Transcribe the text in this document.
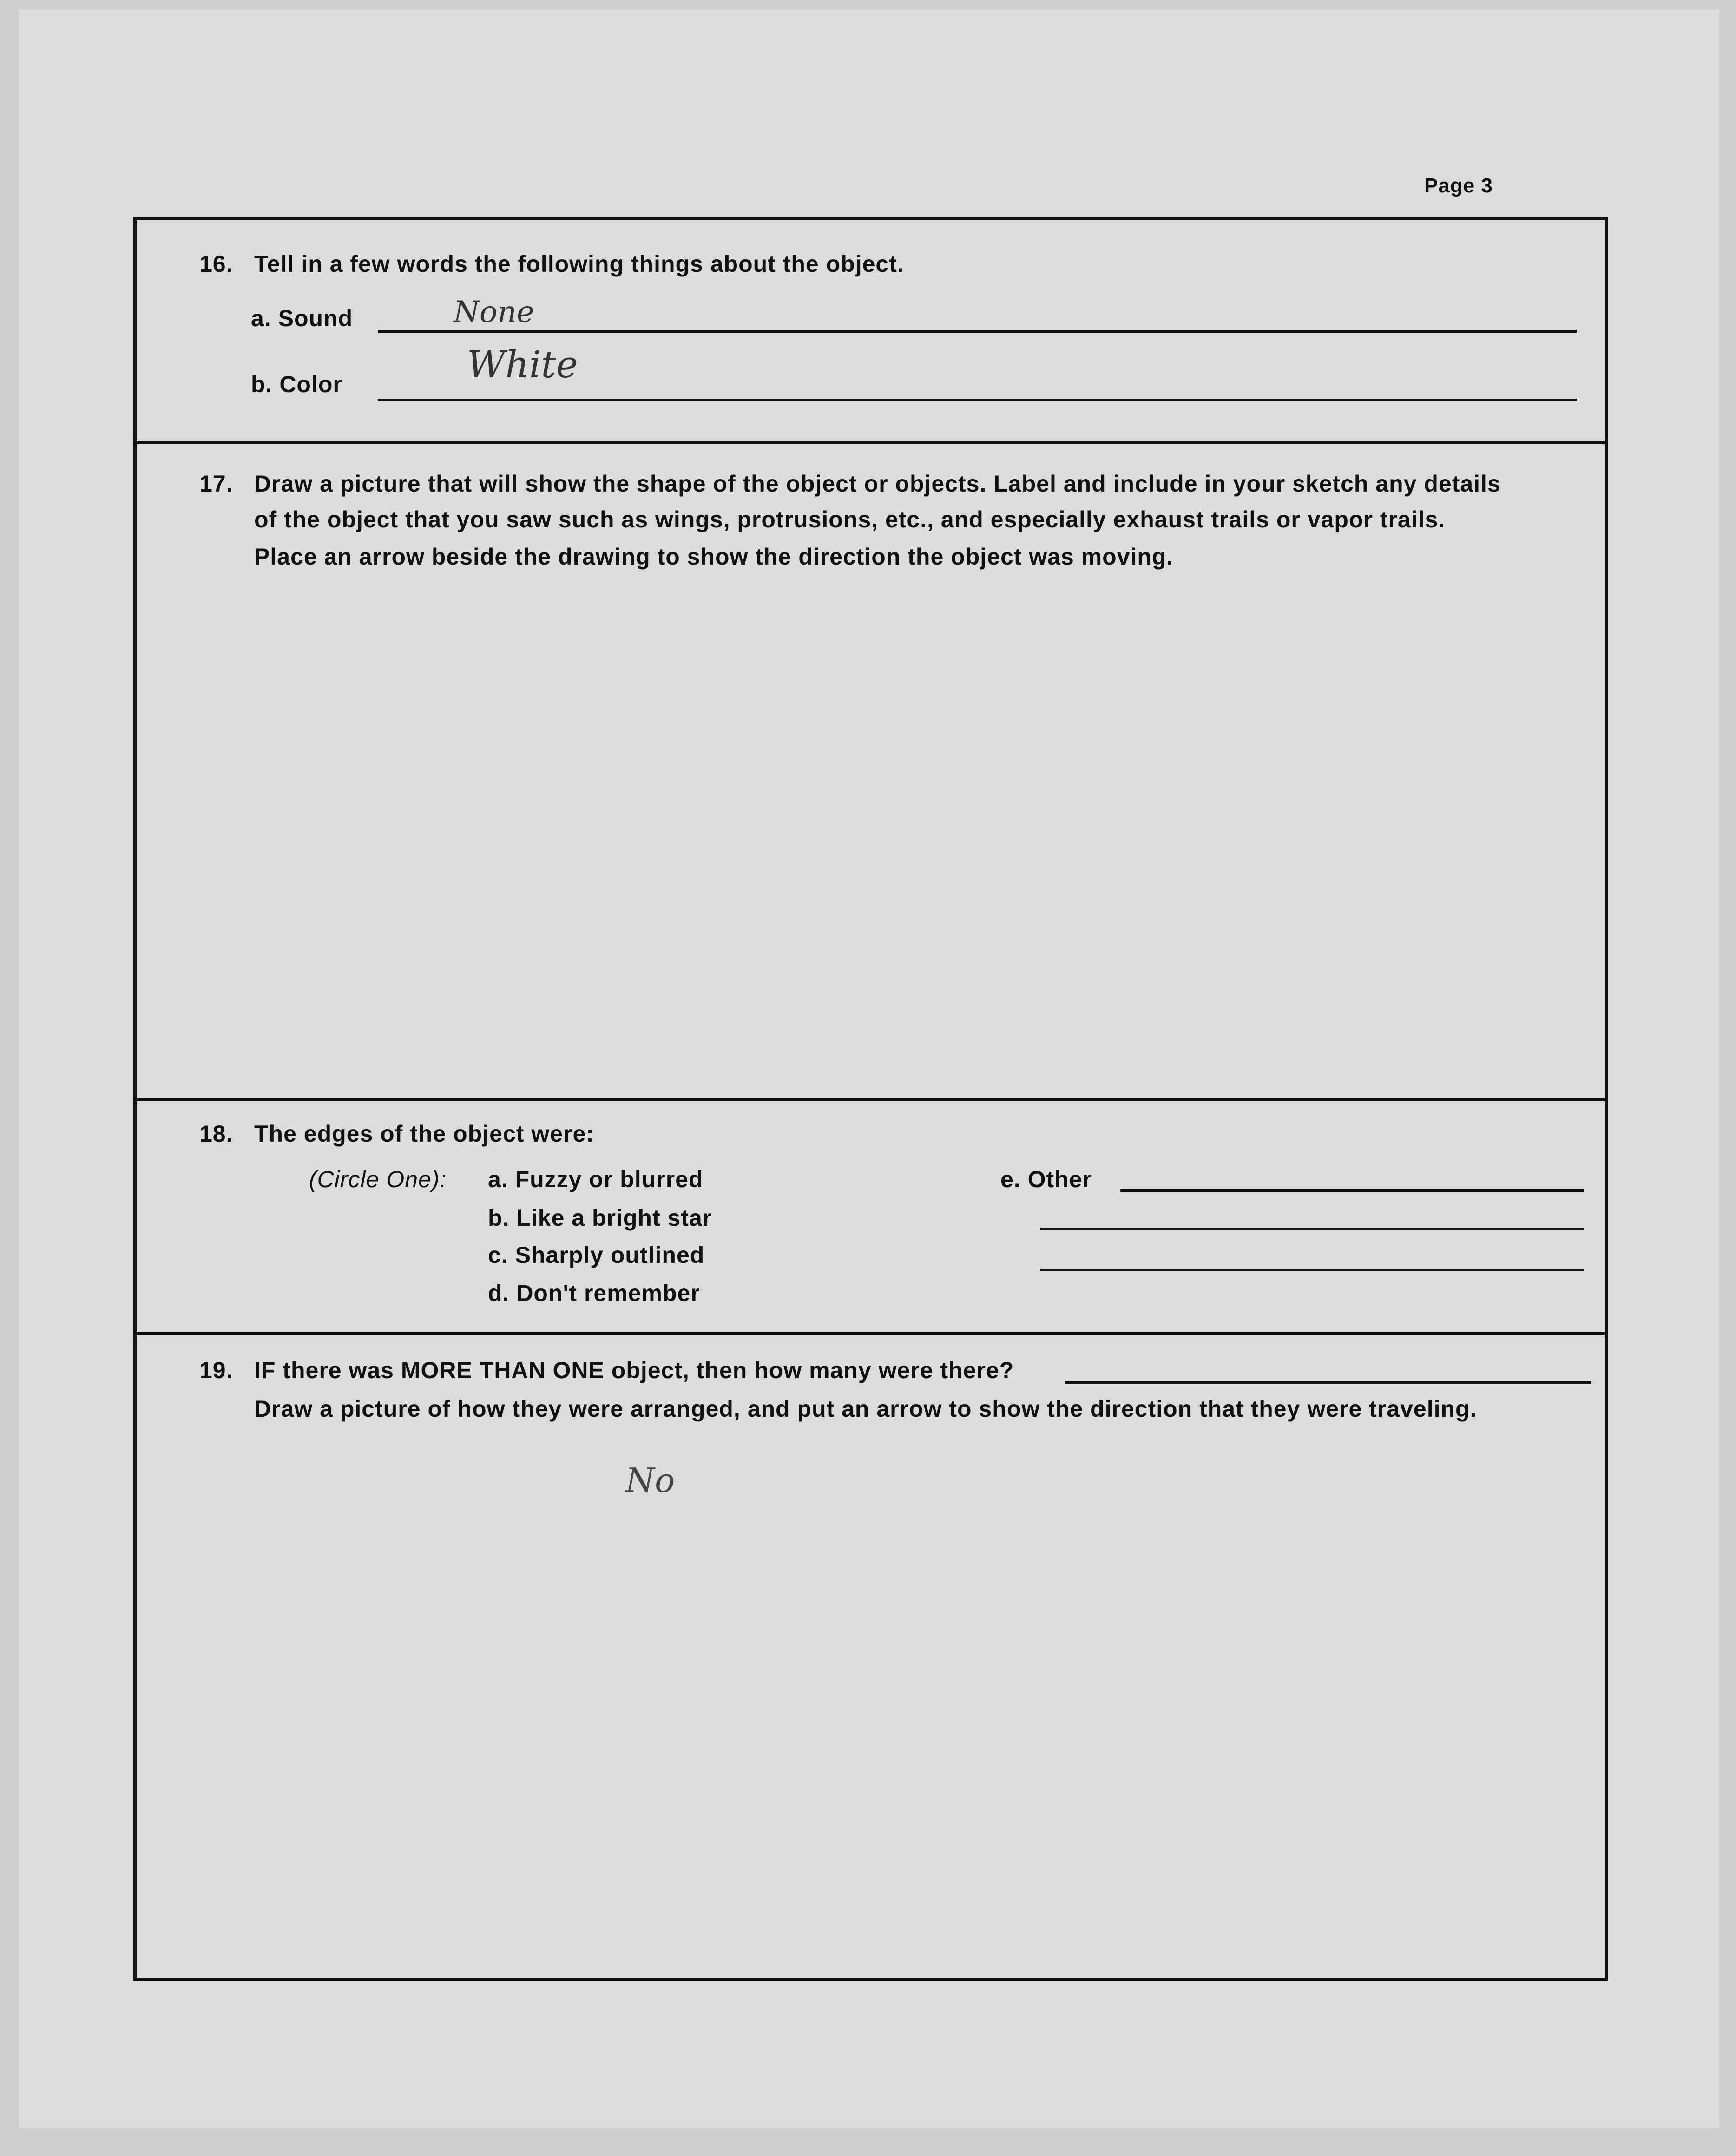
Page 3
16. Tell in a few words the following things about the object.
a. Sound	None
b. Color	White
17. Draw a picture that will show the shape of the object or objects. Label and include in your sketch any details
of the object that you saw such as wings, protrusions, etc., and especially exhaust trails or vapor trails.
Place an arrow beside the drawing to show the direction the object was moving.
18. The edges of the object were:
(Circle One): a. Fuzzy or blurred
b. Like a bright star
c. Sharply outlined
d. Don't remember
e. Other
19. IF there was MORE THAN ONE object, then how many were there?
Draw a picture of how they were arranged, and put an arrow to show the direction that they were traveling.
No
